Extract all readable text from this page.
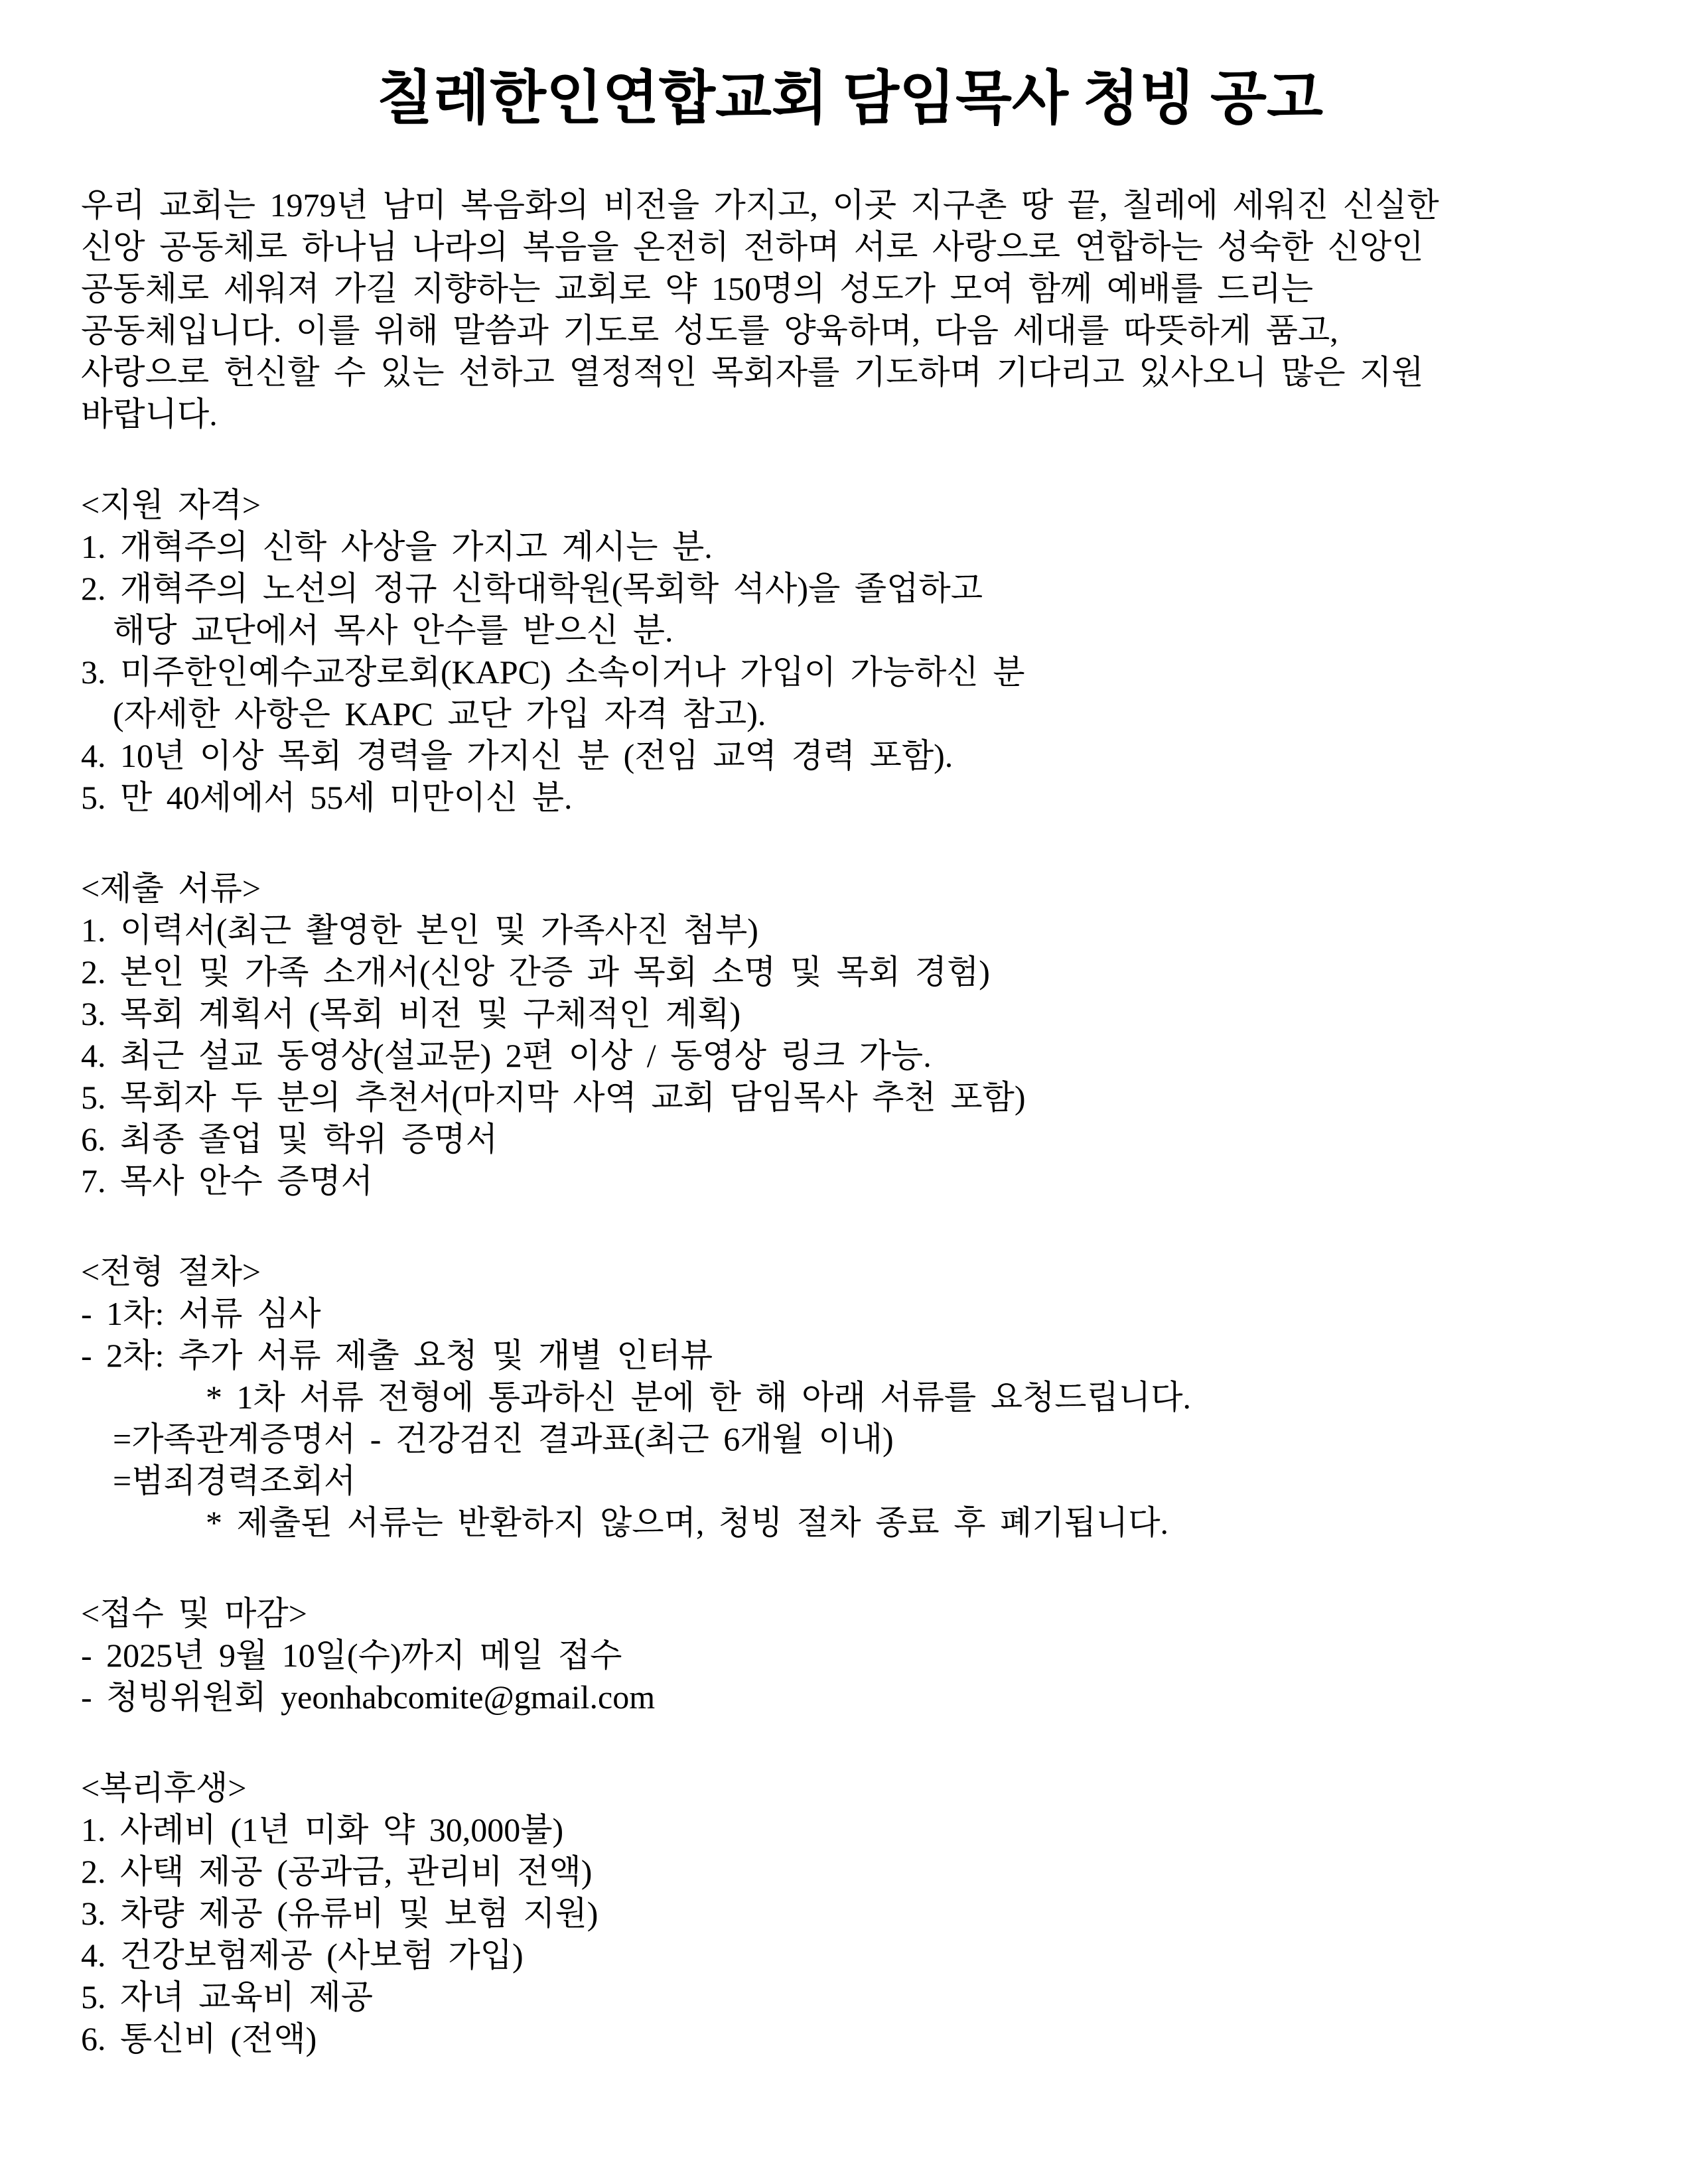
칠레한인연합교회 담임목사 청빙 공고
우리 교회는 1979년 남미 복음화의 비전을 가지고, 이곳 지구촌 땅 끝, 칠레에 세워진 신실한
신앙 공동체로 하나님 나라의 복음을 온전히 전하며 서로 사랑으로 연합하는 성숙한 신앙인
공동체로 세워져 가길 지향하는 교회로 약 150명의 성도가 모여 함께 예배를 드리는
공동체입니다. 이를 위해 말씀과 기도로 성도를 양육하며, 다음 세대를 따뜻하게 품고,
사랑으로 헌신할 수 있는 선하고 열정적인 목회자를 기도하며 기다리고 있사오니 많은 지원
바랍니다.
<지원 자격>
1. 개혁주의 신학 사상을 가지고 계시는 분.
2. 개혁주의 노선의 정규 신학대학원(목회학 석사)을 졸업하고
해당 교단에서 목사 안수를 받으신 분.
3. 미주한인예수교장로회(KAPC) 소속이거나 가입이 가능하신 분
(자세한 사항은 KAPC 교단 가입 자격 참고).
4. 10년 이상 목회 경력을 가지신 분 (전임 교역 경력 포함).
5. 만 40세에서 55세 미만이신 분.
<제출 서류>
1. 이력서(최근 촬영한 본인 및 가족사진 첨부)
2. 본인 및 가족 소개서(신앙 간증 과 목회 소명 및 목회 경험)
3. 목회 계획서 (목회 비전 및 구체적인 계획)
4. 최근 설교 동영상(설교문) 2편 이상 / 동영상 링크 가능.
5. 목회자 두 분의 추천서(마지막 사역 교회 담임목사 추천 포함)
6. 최종 졸업 및 학위 증명서
7. 목사 안수 증명서
<전형 절차>
- 1차: 서류 심사
- 2차: 추가 서류 제출 요청 및 개별 인터뷰
* 1차 서류 전형에 통과하신 분에 한 해 아래 서류를 요청드립니다.
=가족관계증명서 - 건강검진 결과표(최근 6개월 이내)
=범죄경력조회서
* 제출된 서류는 반환하지 않으며, 청빙 절차 종료 후 폐기됩니다.
<접수 및 마감>
- 2025년 9월 10일(수)까지 메일 접수
- 청빙위원회 yeonhabcomite@gmail.com
<복리후생>
1. 사례비 (1년 미화 약 30,000불)
2. 사택 제공 (공과금, 관리비 전액)
3. 차량 제공 (유류비 및 보험 지원)
4. 건강보험제공 (사보험 가입)
5. 자녀 교육비 제공
6. 통신비 (전액)
